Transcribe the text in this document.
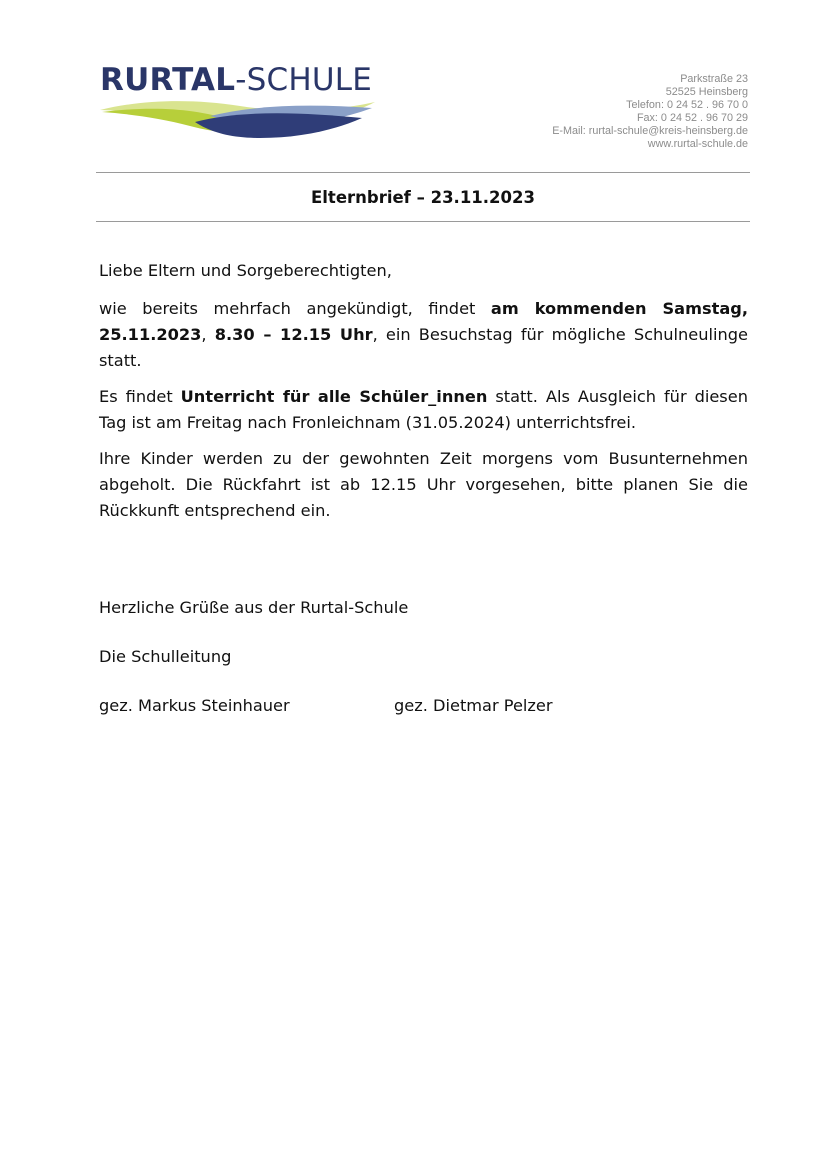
RURTAL-SCHULE	Parkstraße 23
52525 Heinsberg
Telefon: 0 24 52 . 96 70 0
Fax: 0 24 52 . 96 70 29
E-Mail: rurtal-schule@kreis-heinsberg.de
www.rurtal-schule.de
Elternbrief – 23.11.2023

Liebe Eltern und Sorgeberechtigten,

wie bereits mehrfach angekündigt, findet am kommenden Samstag, 25.11.2023, 8.30 – 12.15 Uhr, ein Besuchstag für mögliche Schulneulinge statt.

Es findet Unterricht für alle Schüler_innen statt. Als Ausgleich für diesen Tag ist am Freitag nach Fronleichnam (31.05.2024) unterrichtsfrei.

Ihre Kinder werden zu der gewohnten Zeit morgens vom Busunternehmen abgeholt. Die Rückfahrt ist ab 12.15 Uhr vorgesehen, bitte planen Sie die Rückkunft entsprechend ein.

Herzliche Grüße aus der Rurtal-Schule

Die Schulleitung

gez. Markus Steinhauer	gez. Dietmar Pelzer
